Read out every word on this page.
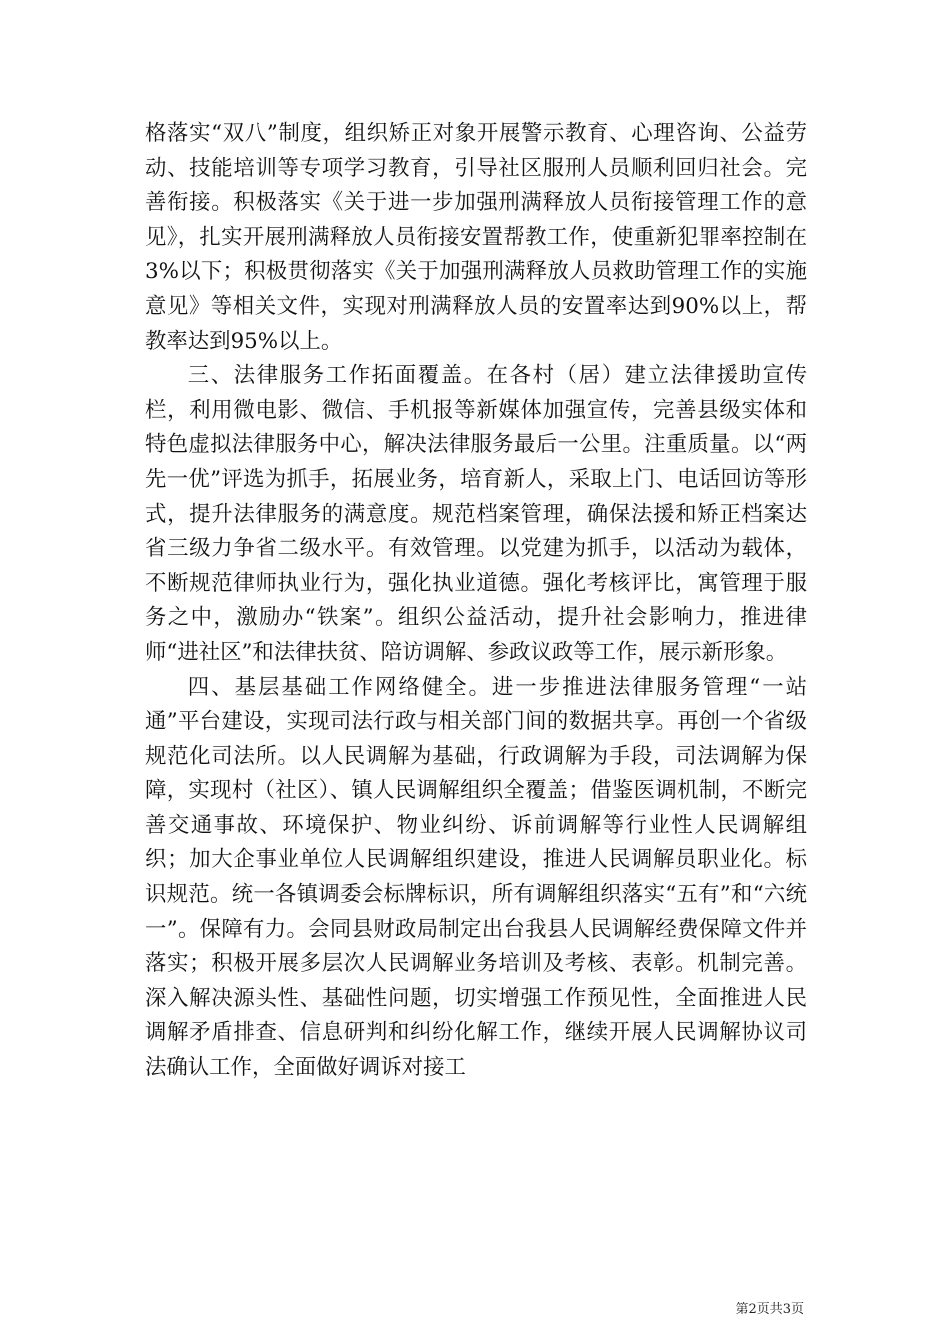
格落实“双八”制度，组织矫正对象开展警示教育、心理咨询、公益劳动、技能培训等专项学习教育，引导社区服刑人员顺利回归社会。完善衔接。积极落实《关于进一步加强刑满释放人员衔接管理工作的意见》，扎实开展刑满释放人员衔接安置帮教工作，使重新犯罪率控制在3%以下；积极贯彻落实《关于加强刑满释放人员救助管理工作的实施意见》等相关文件，实现对刑满释放人员的安置率达到90%以上，帮教率达到95%以上。

三、法律服务工作拓面覆盖。在各村（居）建立法律援助宣传栏，利用微电影、微信、手机报等新媒体加强宣传，完善县级实体和特色虚拟法律服务中心，解决法律服务最后一公里。注重质量。以“两先一优”评选为抓手，拓展业务，培育新人，采取上门、电话回访等形式，提升法律服务的满意度。规范档案管理，确保法援和矫正档案达省三级力争省二级水平。有效管理。以党建为抓手，以活动为载体，不断规范律师执业行为，强化执业道德。强化考核评比，寓管理于服务之中，激励办“铁案”。组织公益活动，提升社会影响力，推进律师“进社区”和法律扶贫、陪访调解、参政议政等工作，展示新形象。

四、基层基础工作网络健全。进一步推进法律服务管理“一站通”平台建设，实现司法行政与相关部门间的数据共享。再创一个省级规范化司法所。以人民调解为基础，行政调解为手段，司法调解为保障，实现村（社区）、镇人民调解组织全覆盖；借鉴医调机制，不断完善交通事故、环境保护、物业纠纷、诉前调解等行业性人民调解组织；加大企事业单位人民调解组织建设，推进人民调解员职业化。标识规范。统一各镇调委会标牌标识，所有调解组织落实“五有”和“六统一”。保障有力。会同县财政局制定出台我县人民调解经费保障文件并落实；积极开展多层次人民调解业务培训及考核、表彰。机制完善。深入解决源头性、基础性问题，切实增强工作预见性，全面推进人民调解矛盾排查、信息研判和纠纷化解工作，继续开展人民调解协议司法确认工作，全面做好调诉对接工

第2页共3页
